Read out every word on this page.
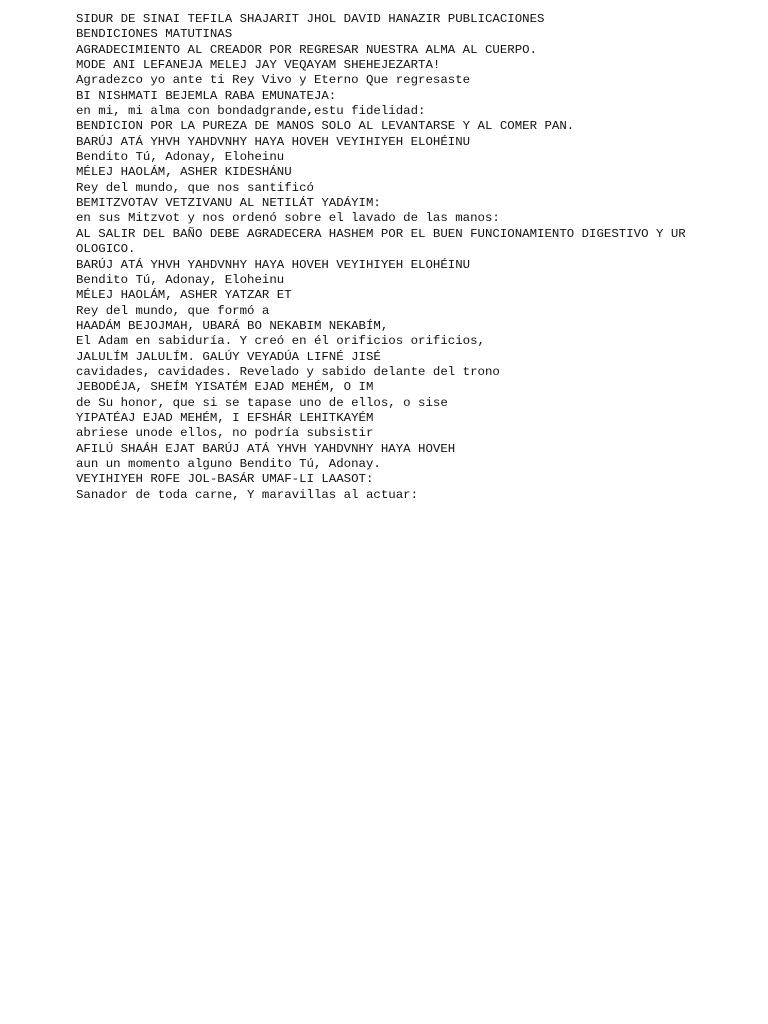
SIDUR DE SINAI TEFILA SHAJARIT JHOL DAVID HANAZIR PUBLICACIONES
BENDICIONES MATUTINAS
AGRADECIMIENTO AL CREADOR POR REGRESAR NUESTRA ALMA AL CUERPO.
MODE ANI LEFANEJA MELEJ JAY VEQAYAM SHEHEJEZARTA!
Agradezco yo ante ti Rey Vivo y Eterno Que regresaste
BI NISHMATI BEJEMLA RABA EMUNATEJA:
en mi, mi alma con bondadgrande,estu fidelidad:
BENDICION POR LA PUREZA DE MANOS SOLO AL LEVANTARSE Y AL COMER PAN.
BARÚJ ATÁ YHVH YAHDVNHY HAYA HOVEH VEYIHIYEH ELOHÉINU
Bendito Tú, Adonay, Eloheinu
MÉLEJ HAOLÁM, ASHER KIDESHÁNU
Rey del mundo, que nos santificó
BEMITZVOTAV VETZIVANU AL NETILÁT YADÁYIM:
en sus Mitzvot y nos ordenó sobre el lavado de las manos:
AL SALIR DEL BAÑO DEBE AGRADECERA HASHEM POR EL BUEN FUNCIONAMIENTO DIGESTIVO Y UR
OLOGICO.
BARÚJ ATÁ YHVH YAHDVNHY HAYA HOVEH VEYIHIYEH ELOHÉINU
Bendito Tú, Adonay, Eloheinu
MÉLEJ HAOLÁM, ASHER YATZAR ET
Rey del mundo, que formó a
HAADÁM BEJOJMAH, UBARÁ BO NEKABIM NEKABÍM,
El Adam en sabiduría. Y creó en él orificios orificios,
JALULÍM JALULÍM. GALÚY VEYADÚA LIFNÉ JISÉ
cavidades, cavidades. Revelado y sabido delante del trono
JEBODÉJA, SHEÍM YISATÉM EJAD MEHÉM, O IM
de Su honor, que si se tapase uno de ellos, o sise
YIPATÉAJ EJAD MEHÉM, I EFSHÁR LEHITKAYÉM
abriese unode ellos, no podría subsistir
AFILÚ SHAÁH EJAT BARÚJ ATÁ YHVH YAHDVNHY HAYA HOVEH
aun un momento alguno Bendito Tú, Adonay.
VEYIHIYEH ROFE JOL-BASÁR UMAF-LI LAASOT:
Sanador de toda carne, Y maravillas al actuar:
